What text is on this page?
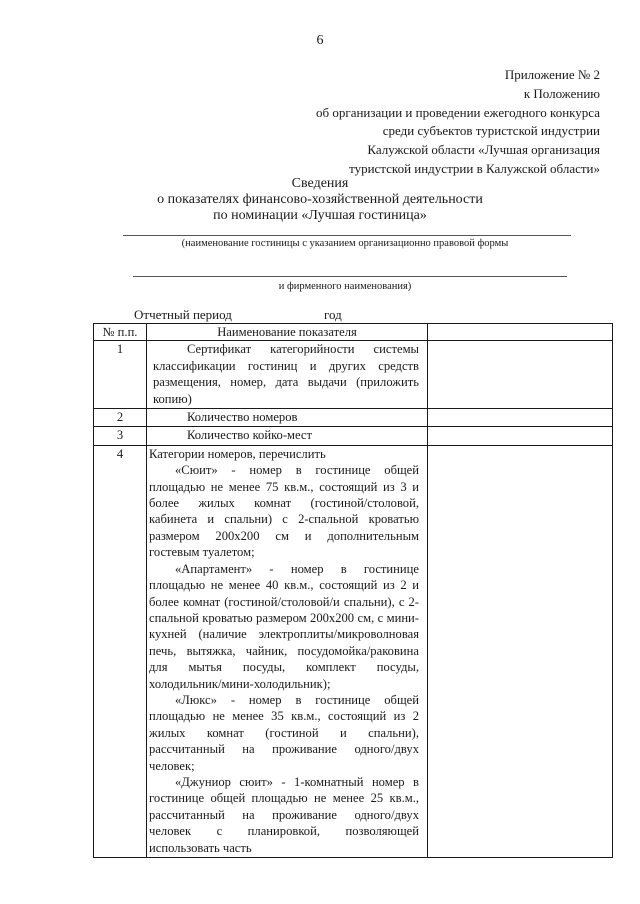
6
Приложение № 2
к Положению
об организации и проведении ежегодного конкурса
среди субъектов туристской индустрии
Калужской области «Лучшая организация
туристской индустрии в Калужской области»
Сведения
о показателях финансово-хозяйственной деятельности
по номинации «Лучшая гостиница»
(наименование гостиницы с указанием организационно правовой формы
и фирменного наименования)
Отчетный период	год
№ п.п.	Наименование показателя	
1	Сертификат категорийности системы классификации гостиниц и других средств размещения, номер, дата выдачи (приложить копию)	
2	Количество номеров	
3	Количество койко-мест	
4	Категории номеров, перечислить
«Сюит» - номер в гостинице общей площадью не менее 75 кв.м., состоящий из 3 и более жилых комнат (гостиной/столовой, кабинета и спальни) с 2-спальной кроватью размером 200x200 см и дополнительным гостевым туалетом;
«Апартамент» - номер в гостинице площадью не менее 40 кв.м., состоящий из 2 и более комнат (гостиной/столовой/и спальни), с 2-спальной кроватью размером 200x200 см, с мини-кухней (наличие электроплиты/микроволновая печь, вытяжка, чайник, посудомойка/раковина для мытья посуды, комплект посуды, холодильник/мини-холодильник);
«Люкс» - номер в гостинице общей площадью не менее 35 кв.м., состоящий из 2 жилых комнат (гостиной и спальни), рассчитанный на проживание одного/двух человек;
«Джуниор сюит» - 1-комнатный номер в гостинице общей площадью не менее 25 кв.м., рассчитанный на проживание одного/двух человек с планировкой, позволяющей использовать часть	
